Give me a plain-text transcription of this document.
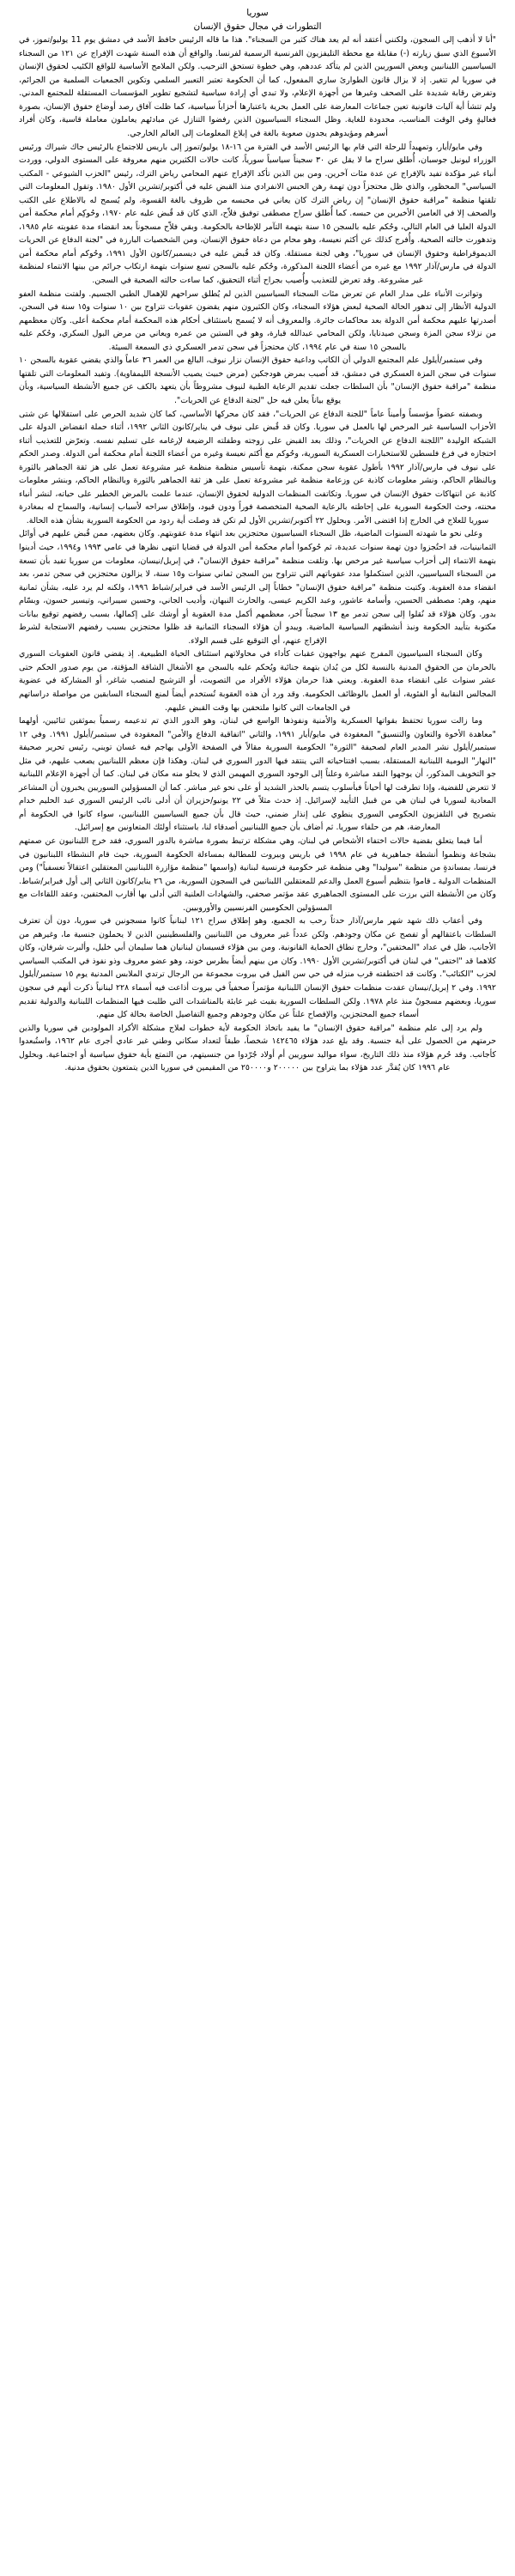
سوريا
التطورات في مجال حقوق الإنسان

"أنا لا أذهب إلى السجون، ولكنني أعتقد أنه لم يعد هناك كثير من السجناء". هذا ما قاله الرئيس حافظ الأسد في دمشق يوم 11 يوليو/تموز، في الأسبوع الذي سبق زيارته (-) مقابلة مع محطة التليفزيون الفرنسية الرسمية لفرنسا. والواقع أن هذه السنة شهدت الإفراج عن ١٢١ من السجناء السياسيين اللبنانيين وبعض السوريين الذين لم يتأكد عددهم، وهي خطوة تستحق الترحيب. ولكن الملامح الأساسية للواقع الكئيب لحقوق الإنسان في سوريا لم تتغير. إذ لا يزال قانون الطوارئ ساري المفعول، كما أن الحكومة تعتبر التعبير السلمي وتكوين الجمعيات السلمية من الجرائم، وتفرض رقابة شديدة على الصحف وغيرها من أجهزة الإعلام، ولا تبدي أي إرادة سياسية لتشجيع تطوير المؤسسات المستقلة للمجتمع المدني. ولم تتشأ أية آليات قانونية تعين جماعات المعارضة على العمل بحرية باعتبارها أحزاباً سياسية، كما ظلت آفاق رصد أوضاع حقوق الإنسان، بصورة فعاليةٍ وفي الوقت المناسب، محدودة للغاية. وظل السجناء السياسيون الذين رفضوا التنازل عن مبادئهم يعاملون معاملة قاسية، وكان أفراد أسرهم ومؤيدوهم يجدون صعوبة بالغة في إبلاغ المعلومات إلى العالم الخارجي.

وفي مايو/أيار، وتمهيداً للرحلة التي قام بها الرئيس الأسد في الفترة من ١٦-١٨ يوليو/تموز إلى باريس للاجتماع بالرئيس جاك شيراك ورئيس الوزراء ليونيل جوسبان، أُطلق سراح ما لا يقل عن ٣٠ سجيناً سياسياً سورياً، كانت حالات الكثيرين منهم معروفة على المستوى الدولي، ووردت أنباء غير مؤكدة تفيد بالإفراج عن عدة مئات آخرين. ومن بين الذين تأكد الإفراج عنهم المحامي رياض الترك، رئيس "الحزب الشيوعي - المكتب السياسي" المحظور، والذي ظل محتجزاً دون تهمة رهن الحبس الانفرادي منذ القبض عليه في أكتوبر/تشرين الأول ١٩٨٠. وتقول المعلومات التي تلقتها منظمة "مراقبة حقوق الإنسان" إن رياض الترك كان يعاني في محبسه من ظروف بالغة القسوة، ولم يُسمح له بالاطلاع على الكتب والصحف إلا في العامين الأخيرين من حبسه. كما أُطلق سراح مصطفى توفيق فلاّح، الذي كان قد قُبض عليه عام ١٩٧٠، وحُوكِم أمام محكمة أمن الدولة العليا في العام التالي، وحُكم عليه بالسجن ١٥ سنة بتهمة التآمر للإطاحة بالحكومة. وبقي فلاّح مسجوناً بعد انقضاء مدة عقوبته عام ١٩٨٥، وتدهورت حالته الصحية. وأُفرج كذلك عن أكثم نعيسة، وهو محام من دعاة حقوق الإنسان، ومن الشخصيات البارزة في "لجنة الدفاع عن الحريات الديموقراطية وحقوق الإنسان في سوريا"، وهي لجنة مستقلة. وكان قد قُبض عليه في ديسمبر/كانون الأول ١٩٩١، وحُوكم أمام محكمة أمن الدولة في مارس/آذار ١٩٩٢ مع غيره من أعضاء اللجنة المذكورة، وحُكم عليه بالسجن تسع سنوات بتهمة ارتكاب جرائم من بينها الانتماء لمنظمة غير مشروعة. وقد تعرض للتعذيب وأُصيب بجراح أثناء التحقيق، كما ساءت حالته الصحية في السجن.

وتواترت الأنباء على مدار العام عن تعرض مئات السجناء السياسيين الذين لم يُطلق سراحهم للإهمال الطبي الجسيم. ولفتت منظمة العفو الدولية الأنظار إلى تدهور الحالة الصحية لبعض هؤلاء السجناء، وكان الكثيرون منهم يقضون عقوبات تتراوح بين ١٠ سنوات و١٥ سنة في السجن، أصدرتها عليهم محكمة أمن الدولة بعد محاكمات جائرة. والمعروف أنه لا يُسمح باستئناف أحكام هذه المحكمة أمام محكمة أعلى. وكان معظمهم من نزلاء سجن المزة وسجن صيدنايا، ولكن المحامي عبدالله قبارة، وهو في الستين من عمره ويعاني من مرض البول السكري، وحُكم عليه بالسجن ١٥ سنة في عام ١٩٩٤، كان محتجزاً في سجن تدمر العسكري ذي السمعة السيئة.

وفي سبتمبر/أيلول علم المجتمع الدولي أن الكاتب وداعية حقوق الإنسان نزار نيوف، البالغ من العمر ٣٦ عاماً والذي يقضي عقوبة بالسجن ١٠ سنوات في سجن المزة العسكري في دمشق، قد أُصيب بمرض هودجكين (مرض خبيث يصيب الأنسجة الليمفاوية). وتفيد المعلومات التي تلقتها منظمة "مراقبة حقوق الإنسان" بأن السلطات جعلت تقديم الرعاية الطبية لنيوف مشروطاً بأن يتعهد بالكف عن جميع الأنشطة السياسية، وبأن يوقع بياناً يعلن فيه حل "لجنة الدفاع عن الحريات".

وبصفته عضواً مؤسساً وأميناً عاماً "للجنة الدفاع عن الحريات"، فقد كان محركها الأساسي، كما كان شديد الحرص على استقلالها عن شتى الأحزاب السياسية غير المرخص لها بالعمل في سوريا. وكان قد قُبض على نيوف في يناير/كانون الثاني ١٩٩٢، أثناء حملة انقضاض الدولة على الشبكة الوليدة "اللجنة الدفاع عن الحريات"، وذلك بعد القبض على زوجته وطفلته الرضيعة لإرغامه على تسليم نفسه. وتعرّض للتعذيب أثناء احتجازه في فرع فلسطين للاستخبارات العسكرية السورية، وحُوكم مع أكثم نعيسة وغيره من أعضاء اللجنة أمام محكمة أمن الدولة. وصدر الحكم على نيوف في مارس/آذار ١٩٩٢ بأطول عقوبة سجن ممكنة، بتهمة تأسيس منظمة منظمة غير مشروعة تعمل على هز ثقة الجماهير بالثورة وبالنظام الحاكم، ونشر معلومات كاذبة عن وزعامة منظمة غير مشروعة تعمل على هز ثقة الجماهير بالثورة وبالنظام الحاكم، وبنشر معلومات كاذبة عن انتهاكات حقوق الإنسان في سوريا. وتكاتفت المنظمات الدولية لحقوق الإنسان، عندما علمت بالمرض الخطير على حياته، لنشر أنباء محنته، وحث الحكومة السورية على إحاطته بالرعاية الصحية المتخصصة فوراً ودون قيود، وإطلاق سراحه لأسباب إنسانية، والسماح له بمغادرة سوريا للعلاج في الخارج إذا اقتضى الأمر. وبحلول ٢٢ أكتوبر/تشرين الأول لم تكن قد وصلت أية ردود من الحكومة السورية بشأن هذه الحالة.

وعلى نحو ما شهدته السنوات الماضية، ظل السجناء السياسيون محتجزين بعد انتهاء مدة عقوبتهم. وكان بعضهم، ممن قُبض عليهم في أوائل الثمانينيات، قد احتُجزوا دون تهمة سنوات عديدة، ثم حُوكموا أمام محكمة أمن الدولة في قضايا انتهى نظرها في عامي ١٩٩٣ و١٩٩٤، حيث أدينوا بتهمة الانتماء إلى أحزاب سياسية غير مرخص بها. وتلقت منظمة "مراقبة حقوق الإنسان"، في إبريل/نيسان، معلومات من سوريا تفيد بأن تسعة من السجناء السياسيين، الذين استكملوا مدد عقوباتهم التي تتراوح بين السجن ثماني سنوات و١٥ سنة، لا يزالون محتجزين في سجن تدمر، بعد انقضاء مدة العقوبة. وكتبت منظمة "مراقبة حقوق الإنسان" خطاباً إلى الرئيس الأسد في فبراير/شباط ١٩٩٦، ولكنه لم يرد عليه، بشأن ثمانية منهم، وهم: مصطفى الحسين، وأسامة عاشور، وعبد الكريم عيسى، والحارث النبهان، وأديب الجاني، وحسين سيبراني، وتيسير حسون، وبسّام بدور. وكان هؤلاء قد نُقلوا إلى سجن تدمر مع ١٣ سجيناً آخر، معظمهم أكمل مدة العقوبة أو أوشك على إكمالها، بسبب رفضهم توقيع بيانات مكتوبة بتأييد الحكومة ونبذ أنشطتهم السياسية الماضية. ويبدو أن هؤلاء السجناء الثمانية قد ظلوا محتجزين بسبب رفضهم الاستجابة لشرط الإفراج عنهم، أي التوقيع على قسم الولاء.

وكان السجناء السياسيون المفرج عنهم يواجهون عقبات كأداء في محاولاتهم استئناف الحياة الطبيعية. إذ يقضي قانون العقوبات السوري بالحرمان من الحقوق المدنية بالنسبة لكل من يُدان بتهمة جنائية ويُحكم عليه بالسجن مع الأشغال الشاقة المؤقتة، من يوم صدور الحكم حتى عشر سنوات على انقضاء مدة العقوبة. ويعني هذا حرمان هؤلاء الأفراد من التصويت، أو الترشيح لمنصب شاغر، أو المشاركة في عضوية المجالس النقابية أو الفئوية، أو العمل بالوظائف الحكومية. وقد ورد أن هذه العقوبة تُستخدم أيضاً لمنع السجناء السابقين من مواصلة دراساتهم في الجامعات التي كانوا ملتحقين بها وقت القبض عليهم.

وما زالت سوريا تحتفظ بقواتها العسكرية والأمنية ونفوذها الواسع في لبنان، وهو الدور الذي تم تدعيمه رسمياً بموثقين ثنائيين، أولهما "معاهدة الأخوة والتعاون والتنسيق" المعقودة في مايو/أيار ١٩٩١، والثاني "اتفاقية الدفاع والأمن" المعقودة في سبتمبر/أيلول ١٩٩١. وفي ١٢ سبتمبر/أيلول نشر المدير العام لصحيفة "الثورة" الحكومية السورية مقالاً في الصفحة الأولى يهاجم فيه غسان تويني، رئيس تحرير صحيفة "النهار" اليومية اللبنانية المستقلة، بسبب افتتاحياته التي ينتقد فيها الدور السوري في لبنان. وهكذا فإن معظم اللبنانيين يصعب عليهم، في مثل جو التخويف المذكور، أن يوجهوا النقد مباشرة وعلناً إلى الوجود السوري المهيمن الذي لا يخلو منه مكان في لبنان. كما أن أجهزة الإعلام اللبنانية لا تتعرض للقضية، وإذا تطرقت لها أحياناً فبأسلوب يتسم بالحذر الشديد أو على نحو غير مباشر. كما أن المسؤولين السوريين يخبرون أن المشاعر المعادية لسوريا في لبنان هي من قبيل التأييد لإسرائيل. إذ حدث مثلاً في ٢٢ يونيو/حزيران أن أدلى نائب الرئيس السوري عبد الحليم خدام بتصريح في التلفزيون الحكومي السوري ينطوي على إنذار ضمني، حيث قال بأن جميع السياسيين اللبنانيين، سواء كانوا في الحكومة أم المعارضة، هم من حلفاء سوريا. ثم أضاف بأن جميع اللبنانيين أصدقاء لنا، باستثناء أولئك المتعاونين مع إسرائيل.

أما فيما يتعلق بقضية حالات اختفاء الأشخاص في لبنان، وهي مشكلة ترتبط بصورة مباشرة بالدور السوري، فقد خرج اللبنانيون عن صمتهم بشجاعة ونظموا أنشطة جماهيرية في عام ١٩٩٨ في باريس وبيروت للمطالبة بمساءلة الحكومة السورية، حيث قام النشطاء اللبنانيون في فرنسا، بمساندةٍ من منظمة "سوليدا" وهي منظمة غير حكومية فرنسية لبنانية (واسمها "منظمة مؤازرة اللبنانيين المعتقلين اعتقالاً تعسفياً") ومن المنظمات الدولية ـ قاموا بتنظيم أسبوع العمل والدعم للمعتقلين اللبنانيين في السجون السورية، من ٢٦ يناير/كانون الثاني إلى أول فبراير/شباط. وكان من الأنشطة التي برزت على المستوى الجماهيري عقد مؤتمر صحفي، والشهادات العلنية التي أدلى بها أقارب المختفين، وعقد اللقاءات مع المسؤولين الحكوميين الفرنسيين والأوروبيين.

وفي أعقاب ذلك شهد شهر مارس/آذار حدثاً رحب به الجميع، وهو إطلاق سراح ١٢١ لبنانياً كانوا مسجونين في سوريا، دون أن تعترف السلطات باعتقالهم أو تفصح عن مكان وجودهم. ولكن عدداً غير معروف من اللبنانيين والفلسطينيين الذين لا يحملون جنسية ما، وغيرهم من الأجانب، ظل في عداد "المختفين"، وخارج نطاق الحماية القانونية. ومن بين هؤلاء قسيسان لبنانيان هما سليمان أبي خليل، وألبرت شرفان، وكان كلاهما قد "اختفى" في لبنان في أكتوبر/تشرين الأول ١٩٩٠. وكان من بينهم أيضاً بطرس خوند، وهو عضو معروف وذو نفوذ في المكتب السياسي لحزب "الكتائب". وكانت قد اختطفته قرب منزله في حي سن الفيل في بيروت مجموعة من الرجال ترتدي الملابس المدنية يوم ١٥ سبتمبر/أيلول ١٩٩٢. وفي ٢ إبريل/نيسان عقدت منظمات حقوق الإنسان اللبنانية مؤتمراً صحفياً في بيروت أذاعت فيه أسماء ٢٢٨ لبنانياً ذكرت أنهم في سجون سوريا، وبعضهم مسجونٌ منذ عام ١٩٧٨. ولكن السلطات السورية بقيت غير عابئة بالمناشدات التي طلبت فيها المنظمات اللبنانية والدولية تقديم أسماء جميع المحتجزين، والإفصاح علناً عن مكان وجودهم وجميع التفاصيل الخاصة بحالة كل منهم.

ولم يرد إلى علم منظمة "مراقبة حقوق الإنسان" ما يفيد باتخاذ الحكومة لأية خطوات لعلاج مشكلة الأكراد المولودين في سوريا والذين حرمتهم من الحصول على أية جنسية. وقد بلغ عدد هؤلاء ١٤٢٤٦٥ شخصاً، طبقاً لتعداد سكاني وطني غير عادي أجرى عام ١٩٦٢، واستُبعدوا كأجانب. وقد حُرم هؤلاء منذ ذلك التاريخ، سواء مواليد سوريين أم أولاد جُرّدوا من جنسيتهم، من التمتع بأية حقوق سياسية أو اجتماعية. وبحلول عام ١٩٩٦ كان يُقدَّر عدد هؤلاء بما يتراوح بين ٢٠٠٠٠٠ و٢٥٠٠٠٠ من المقيمين في سوريا الذين يتمتعون بحقوق مدنية.
